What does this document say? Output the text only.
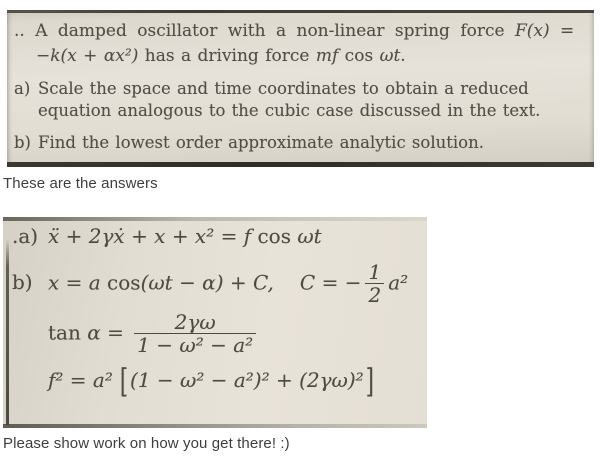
.. A damped oscillator with a non-linear spring force F(x) =

−k(x + αx²) has a driving force mf cos ωt.

a) Scale the space and time coordinates to obtain a reduced equation analogous to the cubic case discussed in the text.
b) Find the lowest order approximate analytic solution.

These are the answers

.a) ẍ + 2γẋ + x + x² = f cos ωt
b) x = a cos(ωt − α) + C, C = − $\frac{1}{2} a^2$
$\tan \alpha = \frac{2\gamma\omega}{\text{1 − ω² − a²}}$
f² = a² [ (1 − ω² − a²)² + (2γω)²]

Please show work on how you get there! :)
